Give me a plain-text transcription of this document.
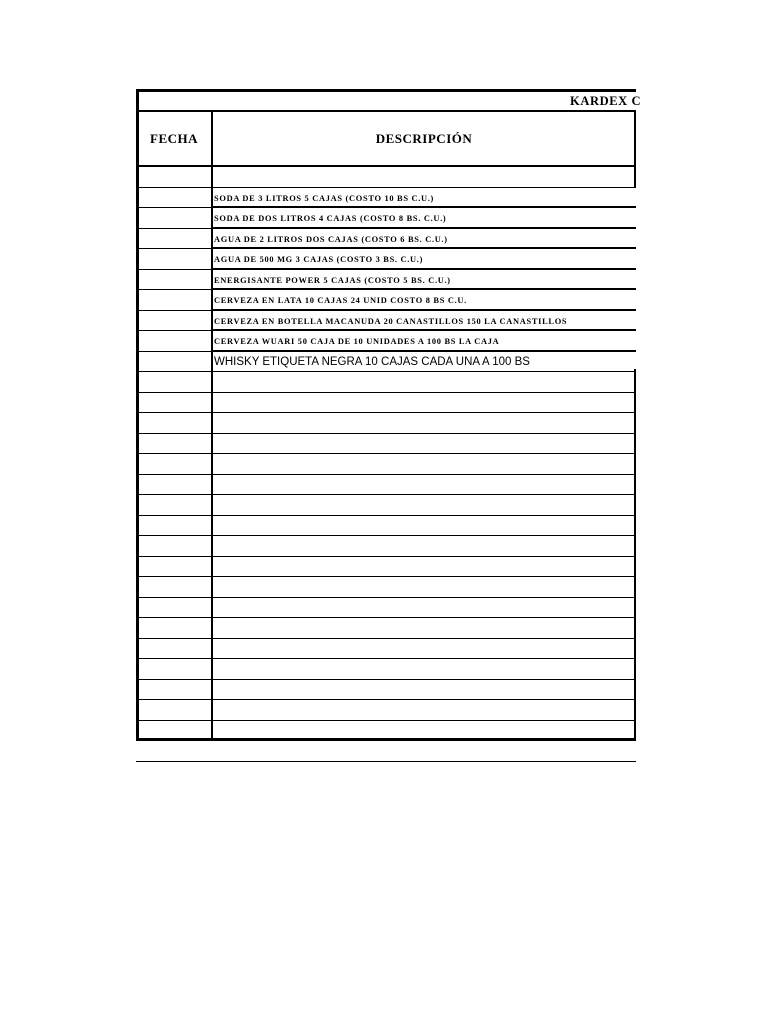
KARDEX C
FECHA	DESCRIPCIÓN
SODA DE 3 LITROS 5 CAJAS (COSTO 10 BS C.U.)
SODA DE DOS LITROS 4 CAJAS (COSTO 8 BS. C.U.)
AGUA DE 2 LITROS DOS CAJAS (COSTO 6 BS. C.U.)
AGUA DE 500 MG 3 CAJAS (COSTO 3 BS. C.U.)
ENERGISANTE POWER 5 CAJAS (COSTO 5 BS. C.U.)
CERVEZA EN LATA 10 CAJAS 24 UNID COSTO 8 BS C.U.
CERVEZA EN BOTELLA MACANUDA 20 CANASTILLOS 150 LA CANASTILLOS
CERVEZA WUARI 50 CAJA DE 10 UNIDADES A 100 BS LA CAJA
WHISKY ETIQUETA NEGRA 10 CAJAS CADA UNA A 100 BS
